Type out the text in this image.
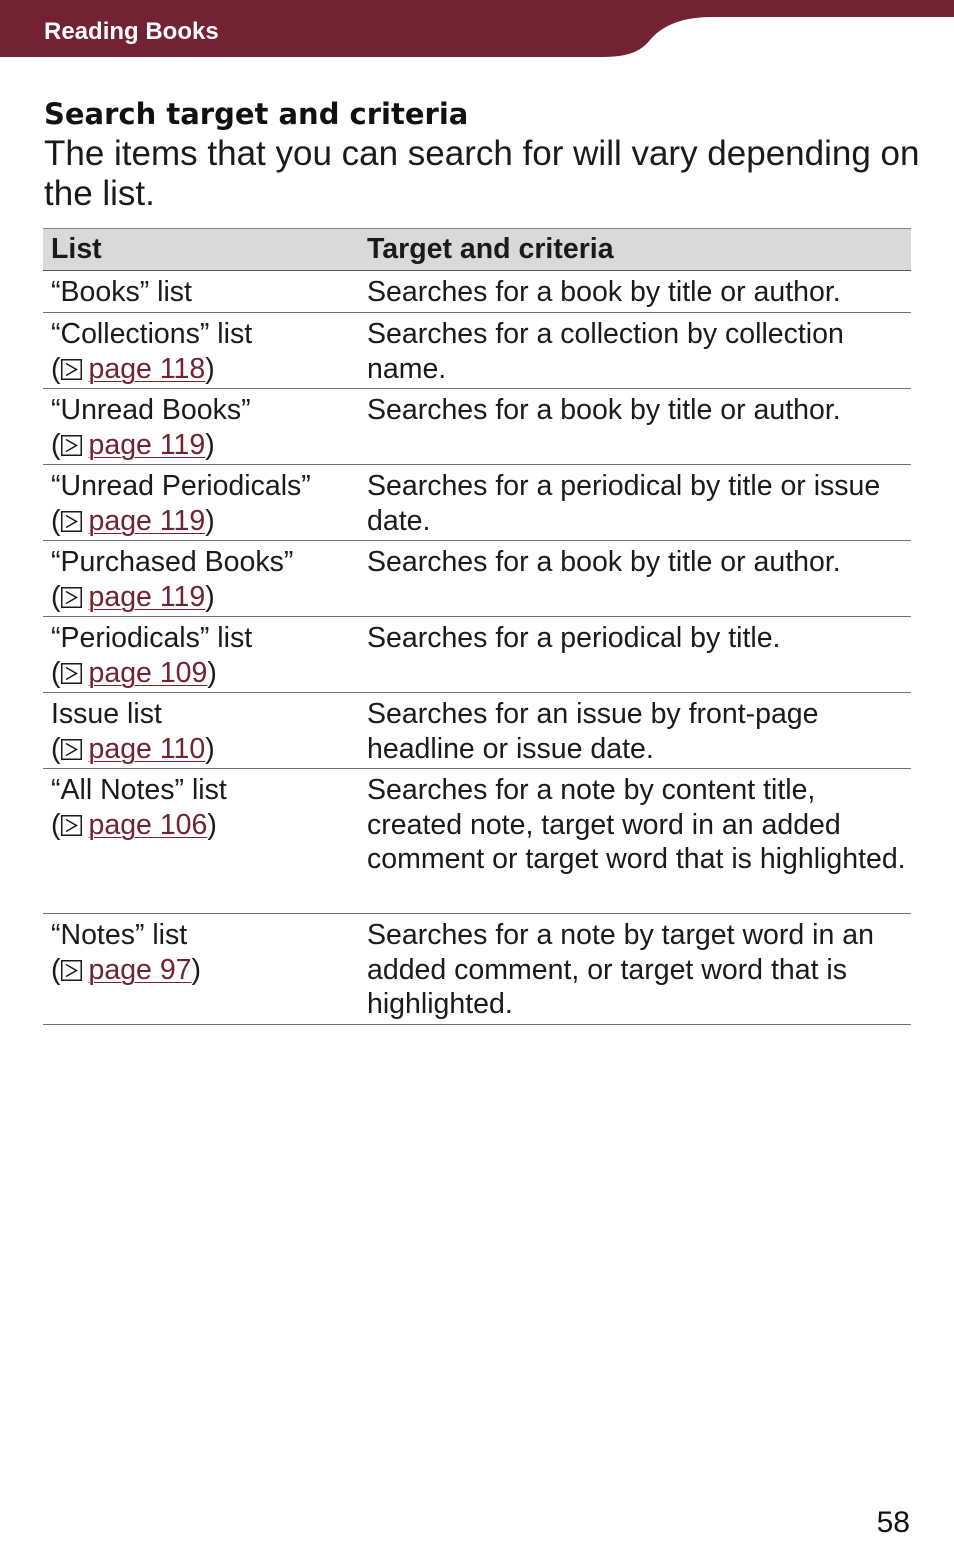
Reading Books
Search target and criteria

The items that you can search for will vary depending on the list.

List	Target and criteria

“Books” list	Searches for a book by title or author.

“Collections” list
( page 118)	Searches for a collection by collection name.

“Unread Books”
( page 119)	Searches for a book by title or author.

“Unread Periodicals”
( page 119)	Searches for a periodical by title or issue date.

“Purchased Books”
( page 119)	Searches for a book by title or author.

“Periodicals” list
( page 109)	Searches for a periodical by title.

Issue list
( page 110)	Searches for an issue by front-page headline or issue date.

“All Notes” list
( page 106)	Searches for a note by content title, created note, target word in an added comment or target word that is highlighted.

“Notes” list
( page 97)	Searches for a note by target word in an added comment, or target word that is highlighted.
58
